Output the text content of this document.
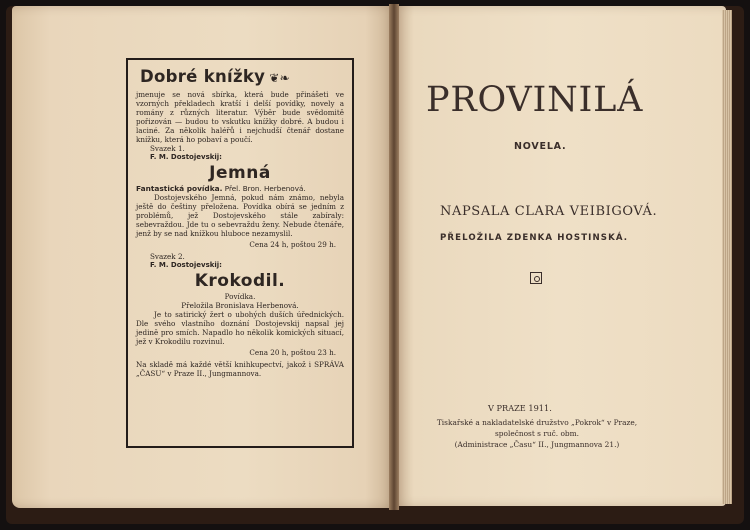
Dobré knížky ❦❧
jmenuje se nová sbírka, která bude přinášeti ve vzorných překladech kratší i delší povídky, novely a romány z různých literatur. Výběr bude svědomitě pořizován — budou to vskutku knížky dobré. A budou i laciné. Za několik haléřů i nejchudší čtenář dostane knížku, která ho pobaví a poučí.
Svazek 1.
F. M. Dostojevskij:
Jemná
Fantastická povídka. Přel. Bron. Herbenová.
Dostojevského Jemná, pokud nám známo, nebyla ještě do češtiny přeložena. Povídka obírá se jedním z problémů, jež Dostojevského stále zabíraly: sebevraždou. Jde tu o sebevraždu ženy. Nebude čtenáře, jenž by se nad knížkou hluboce nezamyslil.
Cena 24 h, poštou 29 h.
Svazek 2.
F. M. Dostojevskij:
Krokodil.
Povídka.
Přeložila Bronislava Herbenová.
Je to satirický žert o ubohých duších úřednických. Dle svého vlastního doznání Dostojevskij napsal jej jedině pro smích. Napadlo ho několik komických situací, jež v Krokodilu rozvinul.
Cena 20 h, poštou 23 h.
Na skladě má každé větší knihkupectví, jakož i SPRÁVA „ČASU“ v Praze II., Jungmannova.
PROVINILÁ
NOVELA.
NAPSALA CLARA VEIBIGOVÁ.
PŘELOŽILA ZDENKA HOSTINSKÁ.
V PRAZE 1911.
Tiskařské a nakladatelské družstvo „Pokrok“ v Praze,
společnost s ruč. obm.
(Administrace „Času“ II., Jungmannova 21.)
